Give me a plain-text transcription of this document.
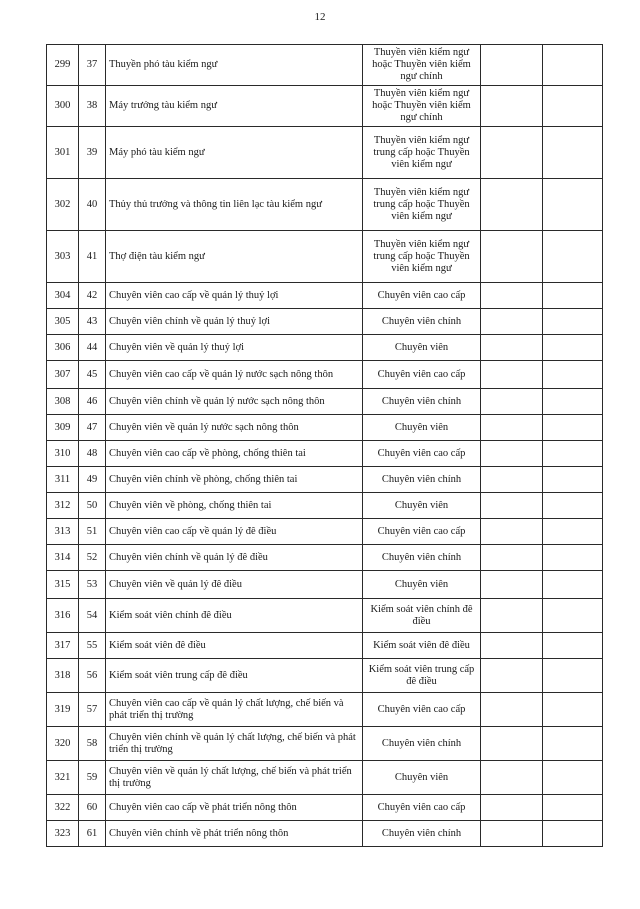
12
299	37	Thuyền phó tàu kiểm ngư	Thuyền viên kiểm ngư hoặc Thuyền viên kiểm ngư chính		
300	38	Máy trưởng tàu kiểm ngư	Thuyền viên kiểm ngư hoặc Thuyền viên kiểm ngư chính		
301	39	Máy phó tàu kiểm ngư	Thuyền viên kiểm ngư trung cấp hoặc Thuyền viên kiểm ngư		
302	40	Thủy thủ trưởng và thông tin liên lạc tàu kiểm ngư	Thuyền viên kiểm ngư trung cấp hoặc Thuyền viên kiểm ngư		
303	41	Thợ điện tàu kiểm ngư	Thuyền viên kiểm ngư trung cấp hoặc Thuyền viên kiểm ngư		
304	42	Chuyên viên cao cấp về quản lý thuỷ lợi	Chuyên viên cao cấp		
305	43	Chuyên viên chính về quản lý thuỷ lợi	Chuyên viên chính		
306	44	Chuyên viên về quản lý thuỷ lợi	Chuyên viên		
307	45	Chuyên viên cao cấp về quản lý nước sạch nông thôn	Chuyên viên cao cấp		
308	46	Chuyên viên chính về quản lý nước sạch nông thôn	Chuyên viên chính		
309	47	Chuyên viên về quản lý nước sạch nông thôn	Chuyên viên		
310	48	Chuyên viên cao cấp về phòng, chống thiên tai	Chuyên viên cao cấp		
311	49	Chuyên viên chính về phòng, chống thiên tai	Chuyên viên chính		
312	50	Chuyên viên về phòng, chống thiên tai	Chuyên viên		
313	51	Chuyên viên cao cấp về quản lý đê điều	Chuyên viên cao cấp		
314	52	Chuyên viên chính về quản lý đê điều	Chuyên viên chính		
315	53	Chuyên viên về quản lý đê điều	Chuyên viên		
316	54	Kiểm soát viên chính đê điều	Kiểm soát viên chính đê điều		
317	55	Kiểm soát viên đê điều	Kiểm soát viên đê điều		
318	56	Kiểm soát viên trung cấp đê điều	Kiểm soát viên trung cấp đê điều		
319	57	Chuyên viên cao cấp về quản lý chất lượng, chế biến và phát triển thị trường	Chuyên viên cao cấp		
320	58	Chuyên viên chính về quản lý chất lượng, chế biến và phát triển thị trường	Chuyên viên chính		
321	59	Chuyên viên về quản lý chất lượng, chế biến và phát triển thị trường	Chuyên viên		
322	60	Chuyên viên cao cấp về phát triển nông thôn	Chuyên viên cao cấp		
323	61	Chuyên viên chính về phát triển nông thôn	Chuyên viên chính		
